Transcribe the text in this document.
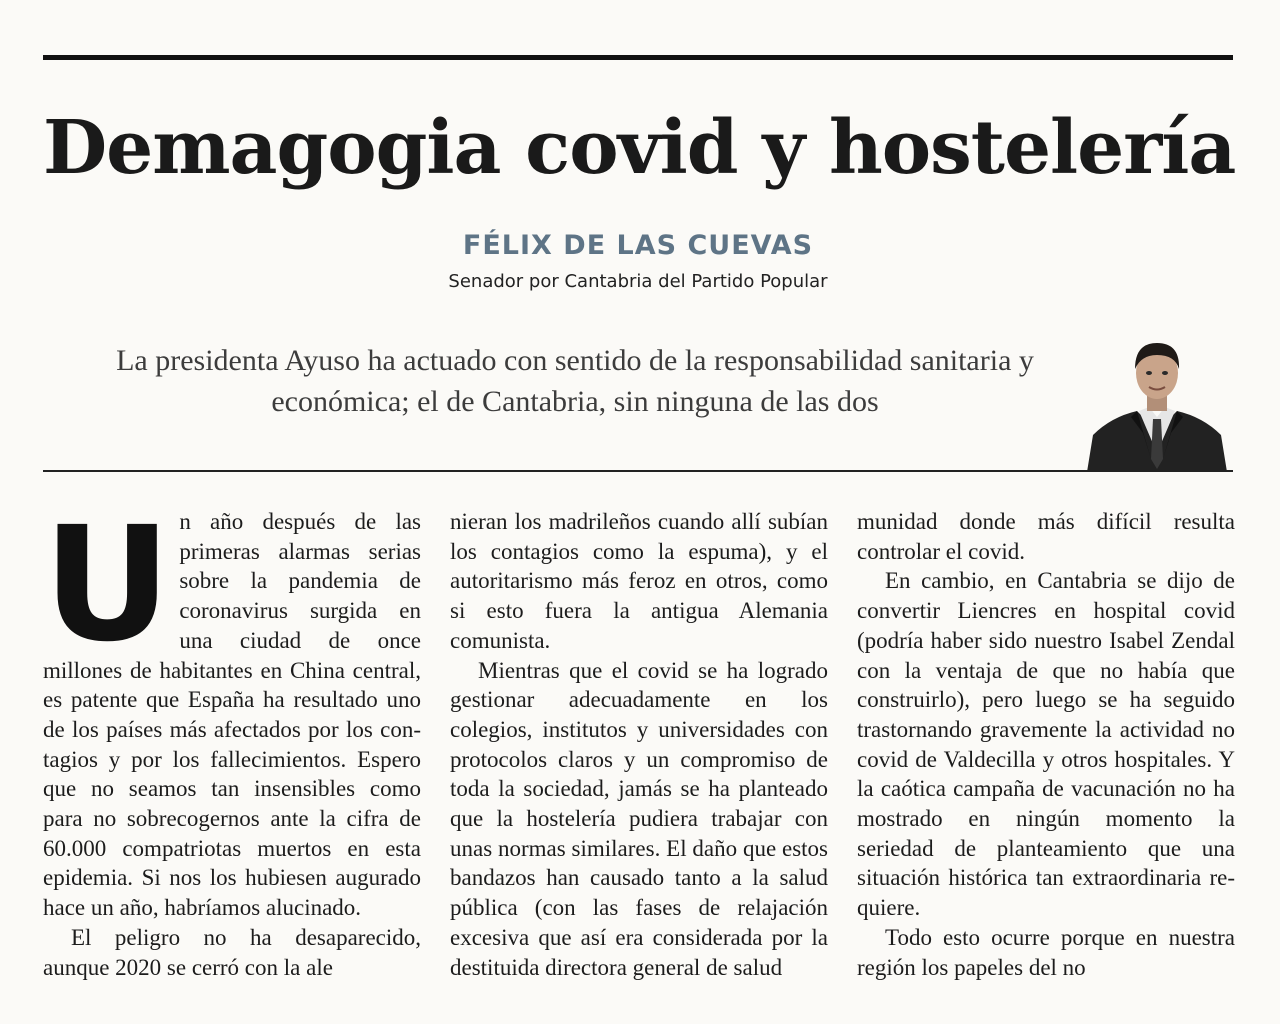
Demagogia covid y hostelería
FÉLIX DE LAS CUEVAS
Senador por Cantabria del Partido Popular
La presidenta Ayuso ha actuado con sentido de la responsabilidad sanitaria y económica; el de Cantabria, sin ninguna de las dos
U n año después de las primeras alarmas serias sobre la pandemia de coronavirus surgida en una ciudad de once millones de habitantes en China central, es patente que España ha resultado uno de los países más afectados por los contagios y por los fallecimientos. Espero que no seamos tan insensibles como para no sobrecogernos ante la cifra de 60.000 compatriotas muertos en esta epidemia. Si nos los hubiesen augurado hace un año, habríamos alucinado.

El peligro no ha desaparecido, aunque 2020 se cerró con la ale

nieran los madrileños cuando allí subían los contagios como la espuma), y el autoritarismo más feroz en otros, como si esto fuera la antigua Alemania comunista.

Mientras que el covid se ha logrado gestionar adecuadamente en los colegios, institutos y universidades con protocolos claros y un compromiso de toda la sociedad, jamás se ha planteado que la hostelería pudiera trabajar con unas normas similares. El daño que estos bandazos han causado tanto a la salud pública (con las fases de relajación excesiva que así era considerada por la destituida directora general de salud

munidad donde más difícil resulta controlar el covid.

En cambio, en Cantabria se dijo de convertir Liencres en hospital covid (podría haber sido nuestro Isabel Zendal con la ventaja de que no había que construirlo), pero luego se ha seguido trastornando gravemente la actividad no covid de Valdecilla y otros hospitales. Y la caótica campaña de vacunación no ha mostrado en ningún momento la seriedad de planteamiento que una situación histórica tan extraordinaria requiere.

Todo esto ocurre porque en nuestra región los papeles del no
